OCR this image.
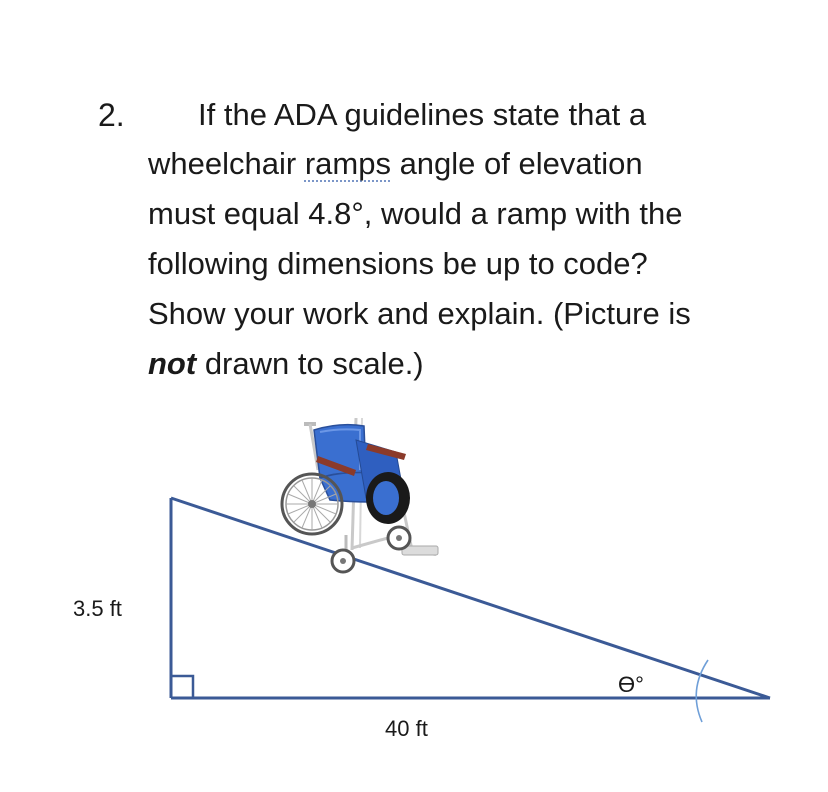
2. If the ADA guidelines state that a
wheelchair ramps angle of elevation
must equal 4.8°, would a ramp with the
following dimensions be up to code?
Show your work and explain. (Picture is
not drawn to scale.)
3.5 ft
40 ft
ϴ°
